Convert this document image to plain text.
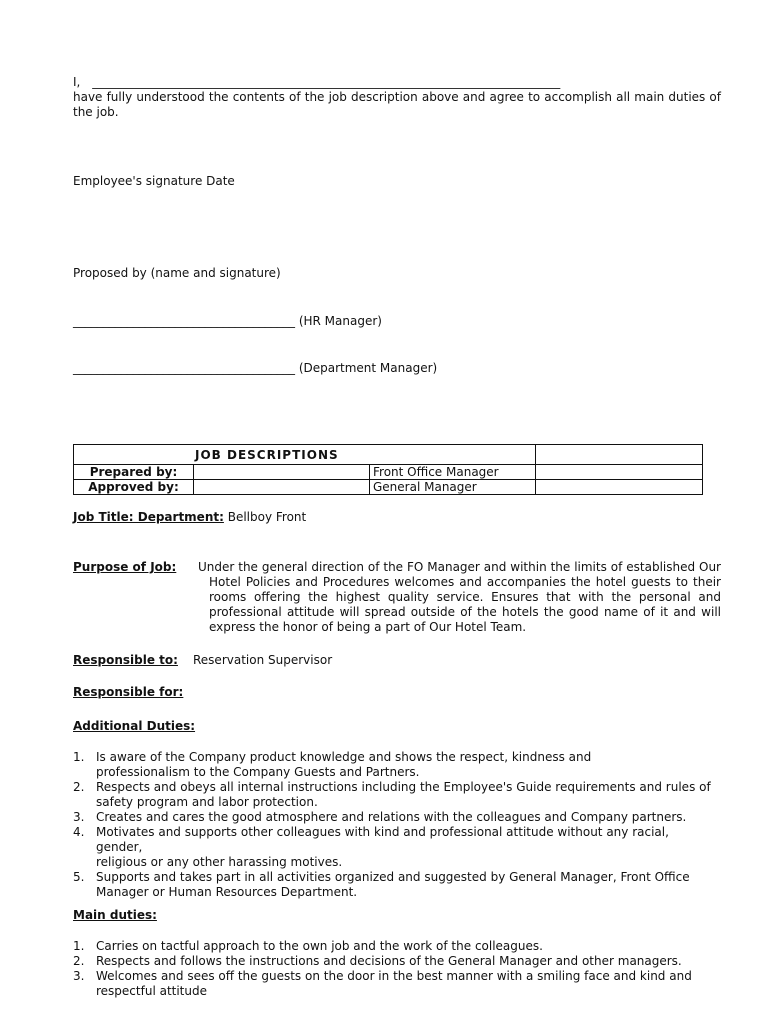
I, ______________________________________________________________________________
have fully understood the contents of the job description above and agree to accomplish all main duties of the job.
Employee's signature Date
Proposed by (name and signature)
_____________________________________ (HR Manager)
_____________________________________ (Department Manager)
JOB DESCRIPTIONS			
Prepared by:		Front Office Manager	
Approved by:		General Manager	
Job Title: Department: Bellboy Front
Purpose of Job: Under the general direction of the FO Manager and within the limits of established Our Hotel Policies and Procedures welcomes and accompanies the hotel guests to their rooms offering the highest quality service. Ensures that with the personal and professional attitude will spread outside of the hotels the good name of it and will express the honor of being a part of Our Hotel Team.
Responsible to: Reservation Supervisor
Responsible for:
Additional Duties:
1. Is aware of the Company product knowledge and shows the respect, kindness and
professionalism to the Company Guests and Partners.
2. Respects and obeys all internal instructions including the Employee's Guide requirements and rules of
safety program and labor protection.
3. Creates and cares the good atmosphere and relations with the colleagues and Company partners.
4. Motivates and supports other colleagues with kind and professional attitude without any racial, gender,
religious or any other harassing motives.
5. Supports and takes part in all activities organized and suggested by General Manager, Front Office
Manager or Human Resources Department.
Main duties:
1. Carries on tactful approach to the own job and the work of the colleagues.
2. Respects and follows the instructions and decisions of the General Manager and other managers.
3. Welcomes and sees off the guests on the door in the best manner with a smiling face and kind and
respectful attitude
